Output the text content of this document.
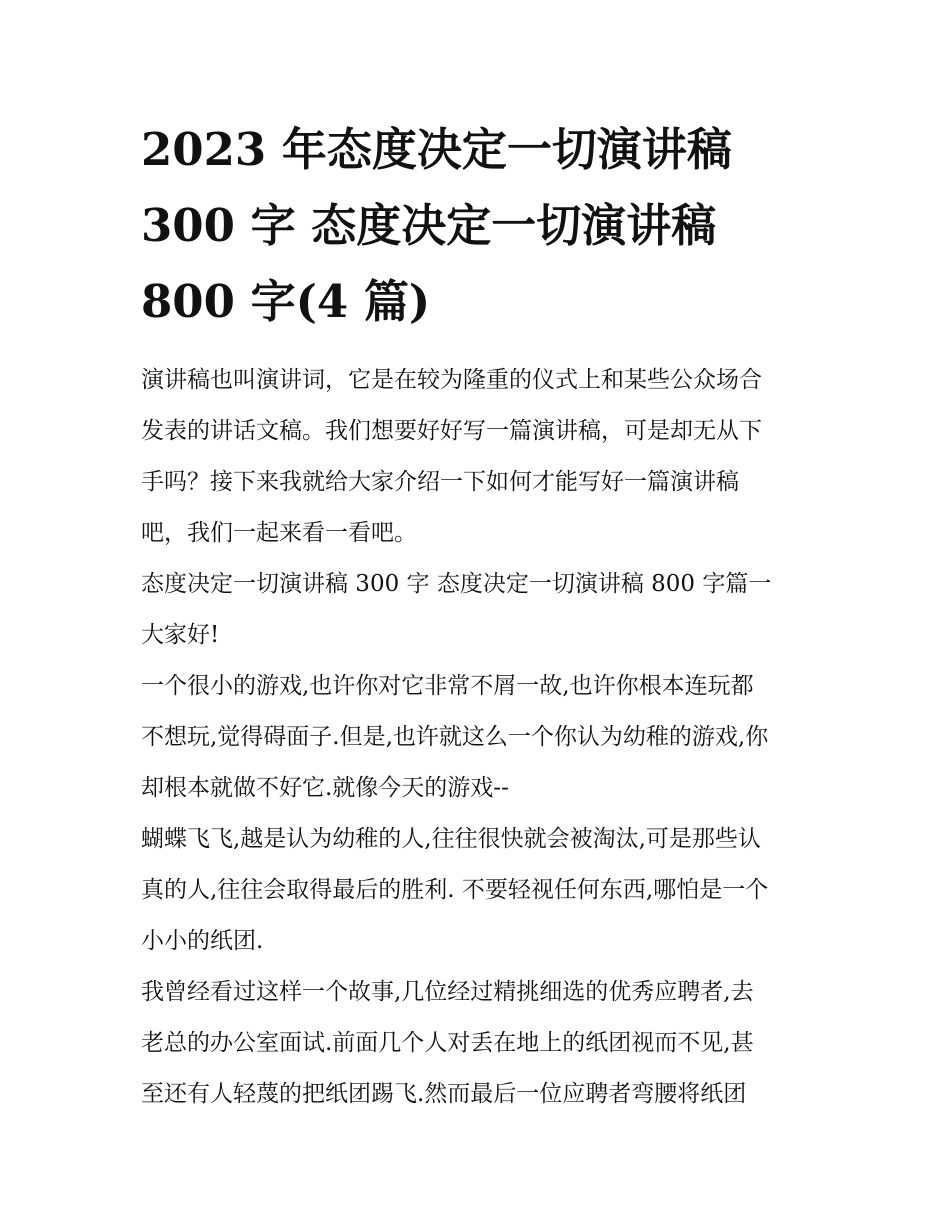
2023 年态度决定一切演讲稿
300 字 态度决定一切演讲稿
800 字(4 篇)

演讲稿也叫演讲词，它是在较为隆重的仪式上和某些公众场合
发表的讲话文稿。我们想要好好写一篇演讲稿，可是却无从下
手吗？接下来我就给大家介绍一下如何才能写好一篇演讲稿
吧，我们一起来看一看吧。

态度决定一切演讲稿 300 字 态度决定一切演讲稿 800 字篇一

大家好!

一个很小的游戏,也许你对它非常不屑一故,也许你根本连玩都
不想玩,觉得碍面子.但是,也许就这么一个你认为幼稚的游戏,你
却根本就做不好它.就像今天的游戏--

蝴蝶飞飞,越是认为幼稚的人,往往很快就会被淘汰,可是那些认
真的人,往往会取得最后的胜利. 不要轻视任何东西,哪怕是一个
小小的纸团.

我曾经看过这样一个故事,几位经过精挑细选的优秀应聘者,去
老总的办公室面试.前面几个人对丢在地上的纸团视而不见,甚
至还有人轻蔑的把纸团踢飞.然而最后一位应聘者弯腰将纸团
